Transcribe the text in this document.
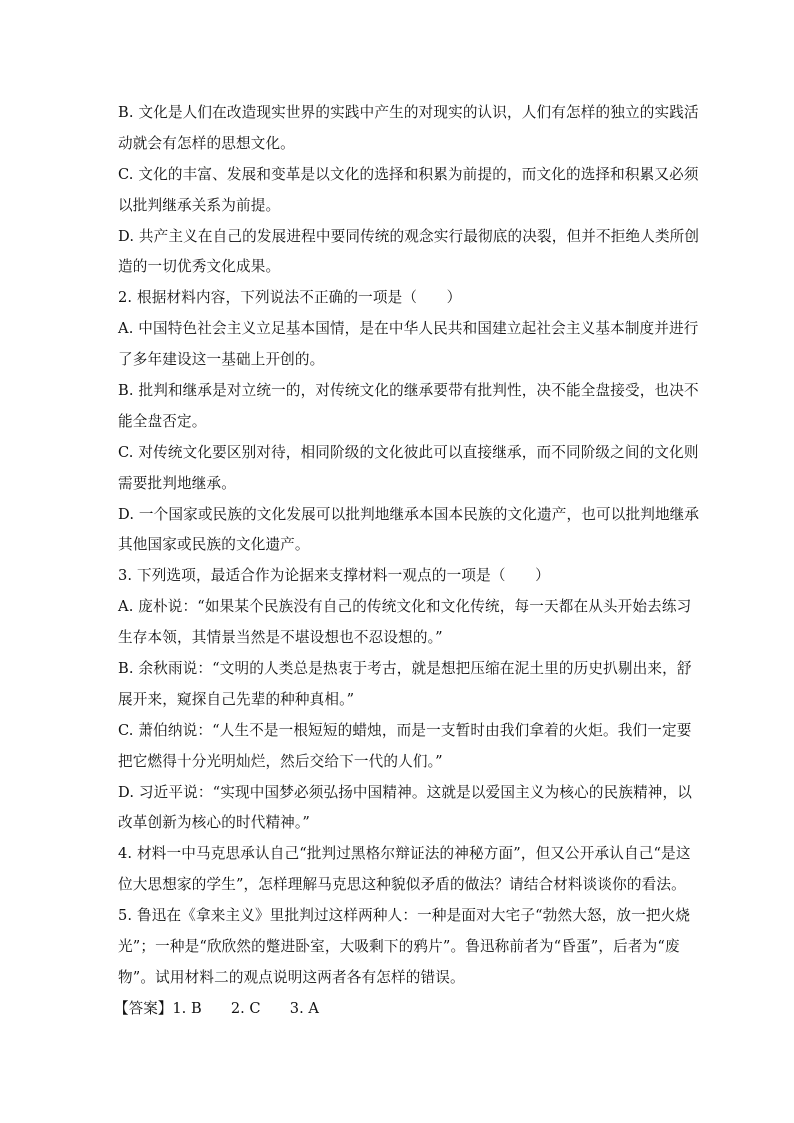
B. 文化是人们在改造现实世界的实践中产生的对现实的认识，人们有怎样的独立的实践活
动就会有怎样的思想文化。
C. 文化的丰富、发展和变革是以文化的选择和积累为前提的，而文化的选择和积累又必须
以批判继承关系为前提。
D. 共产主义在自己的发展进程中要同传统的观念实行最彻底的决裂，但并不拒绝人类所创
造的一切优秀文化成果。
2. 根据材料内容，下列说法不正确的一项是（　　）
A. 中国特色社会主义立足基本国情，是在中华人民共和国建立起社会主义基本制度并进行
了多年建设这一基础上开创的。
B. 批判和继承是对立统一的，对传统文化的继承要带有批判性，决不能全盘接受，也决不
能全盘否定。
C. 对传统文化要区别对待，相同阶级的文化彼此可以直接继承，而不同阶级之间的文化则
需要批判地继承。
D. 一个国家或民族的文化发展可以批判地继承本国本民族的文化遗产，也可以批判地继承
其他国家或民族的文化遗产。
3. 下列选项，最适合作为论据来支撑材料一观点的一项是（　　）
A. 庞朴说：“如果某个民族没有自己的传统文化和文化传统，每一天都在从头开始去练习
生存本领，其情景当然是不堪设想也不忍设想的。”
B. 余秋雨说：“文明的人类总是热衷于考古，就是想把压缩在泥土里的历史扒剔出来，舒
展开来，窥探自己先辈的种种真相。”
C. 萧伯纳说：“人生不是一根短短的蜡烛，而是一支暂时由我们拿着的火炬。我们一定要
把它燃得十分光明灿烂，然后交给下一代的人们。”
D. 习近平说：“实现中国梦必须弘扬中国精神。这就是以爱国主义为核心的民族精神，以
改革创新为核心的时代精神。”
4. 材料一中马克思承认自己“批判过黑格尔辩证法的神秘方面”，但又公开承认自己“是这
位大思想家的学生”，怎样理解马克思这种貌似矛盾的做法？请结合材料谈谈你的看法。
5. 鲁迅在《拿来主义》里批判过这样两种人：一种是面对大宅子“勃然大怒，放一把火烧
光”；一种是“欣欣然的蹩进卧室，大吸剩下的鸦片”。鲁迅称前者为“昏蛋”，后者为“废
物”。试用材料二的观点说明这两者各有怎样的错误。
【答案】1. B　　2. C　　3. A
